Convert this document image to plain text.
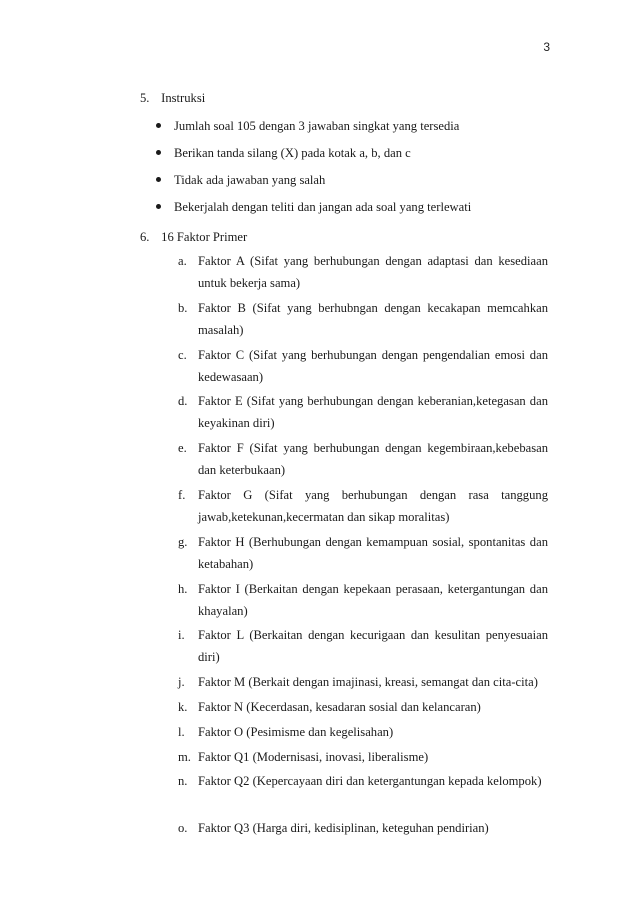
3
5. Instruksi
Jumlah soal 105 dengan 3 jawaban singkat yang tersedia
Berikan tanda silang (X) pada kotak a, b, dan c
Tidak ada jawaban yang salah
Bekerjalah dengan teliti dan jangan ada soal yang terlewati
6. 16 Faktor Primer
a. Faktor A (Sifat yang berhubungan dengan adaptasi dan kesediaan untuk bekerja sama)
b. Faktor B (Sifat yang berhubngan dengan kecakapan memcahkan masalah)
c. Faktor C (Sifat yang berhubungan dengan pengendalian emosi dan kedewasaan)
d. Faktor E (Sifat yang berhubungan dengan keberanian,ketegasan dan keyakinan diri)
e. Faktor F (Sifat yang berhubungan dengan kegembiraan,kebebasan dan keterbukaan)
f. Faktor G (Sifat yang berhubungan dengan rasa tanggung jawab,ketekunan,kecermatan dan sikap moralitas)
g. Faktor H (Berhubungan dengan kemampuan sosial, spontanitas dan ketabahan)
h. Faktor I (Berkaitan dengan kepekaan perasaan, ketergantungan dan khayalan)
i. Faktor L (Berkaitan dengan kecurigaan dan kesulitan penyesuaian diri)
j. Faktor M (Berkait dengan imajinasi, kreasi, semangat dan cita-cita)
k. Faktor N (Kecerdasan, kesadaran sosial dan kelancaran)
l. Faktor O (Pesimisme dan kegelisahan)
m. Faktor Q1 (Modernisasi, inovasi, liberalisme)
n. Faktor Q2 (Kepercayaan diri dan ketergantungan kepada kelompok)
o. Faktor Q3 (Harga diri, kedisiplinan, keteguhan pendirian)
